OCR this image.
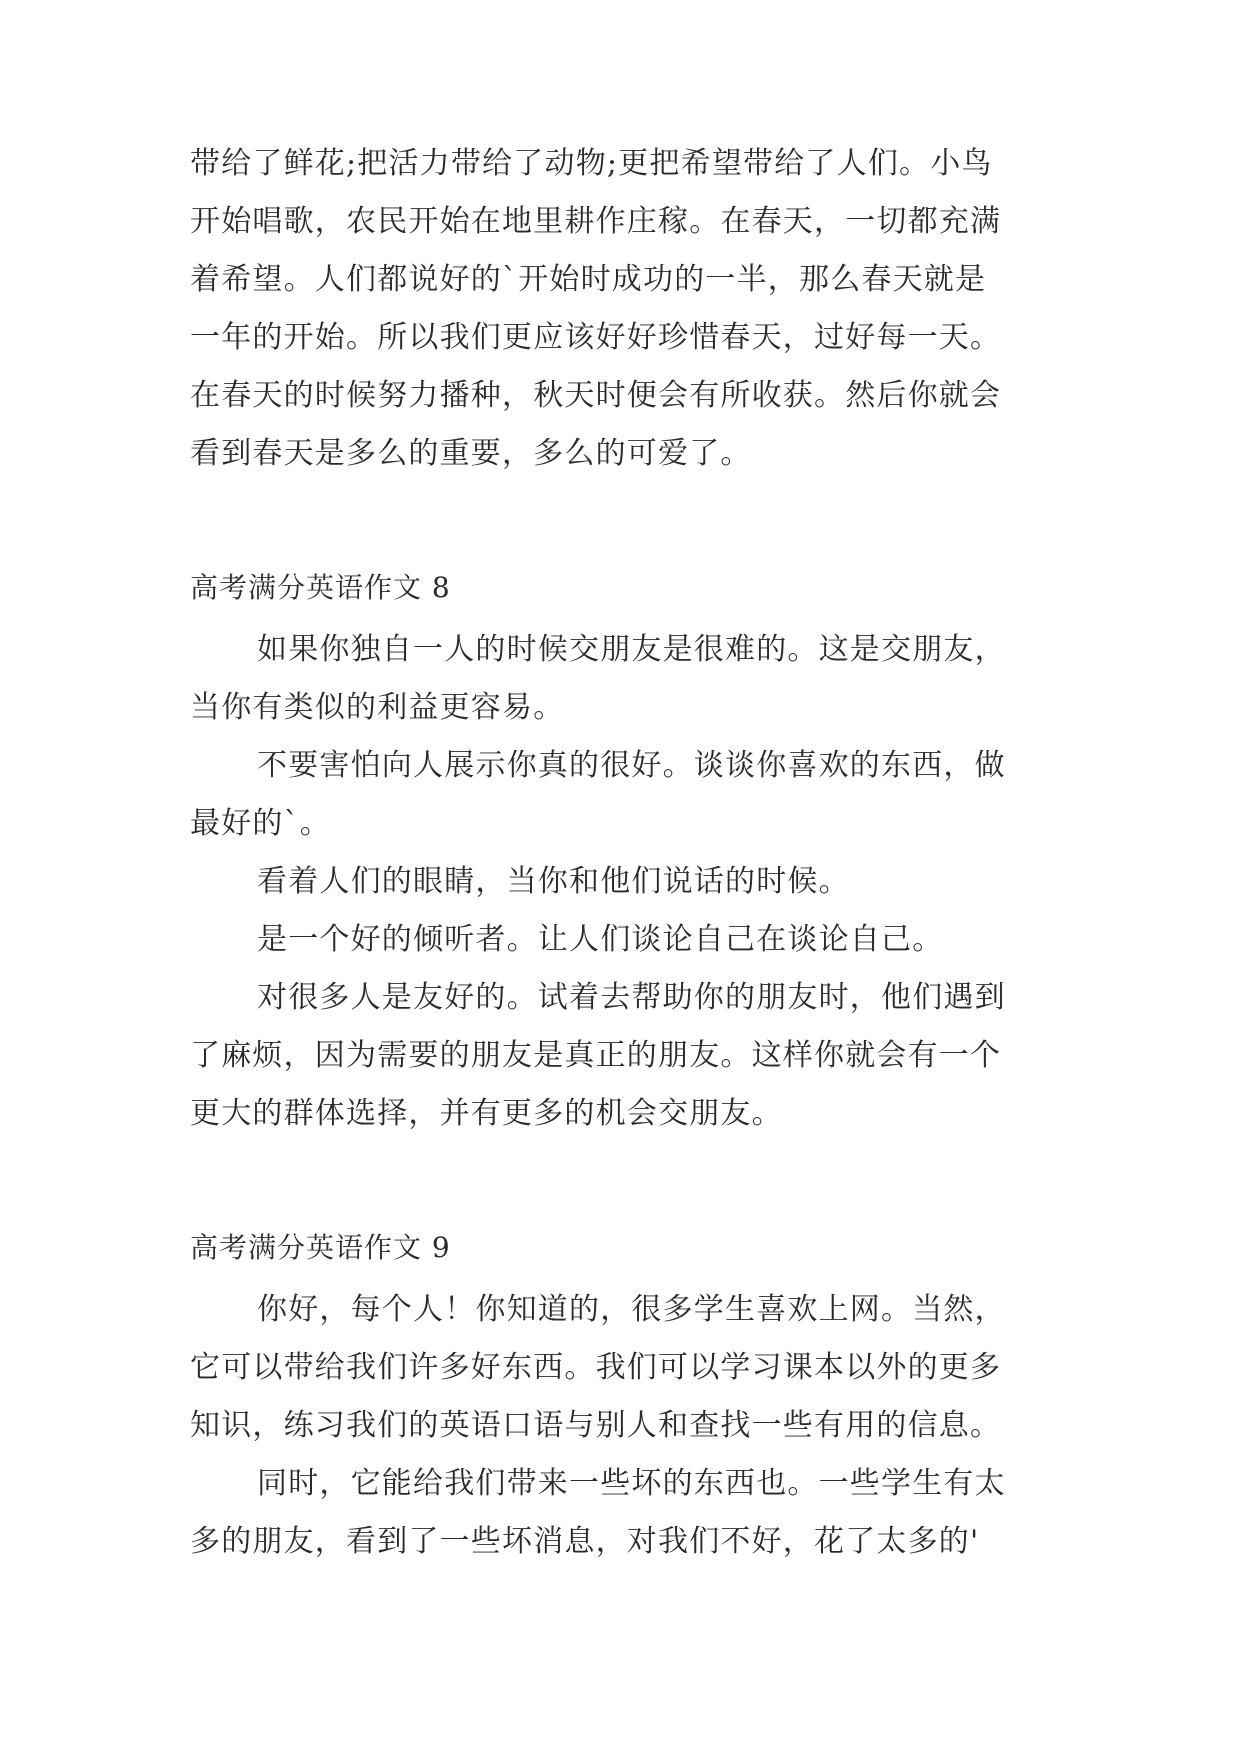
带给了鲜花;把活力带给了动物;更把希望带给了人们。小鸟
开始唱歌，农民开始在地里耕作庄稼。在春天，一切都充满
着希望。人们都说好的`开始时成功的一半，那么春天就是
一年的开始。所以我们更应该好好珍惜春天，过好每一天。
在春天的时候努力播种，秋天时便会有所收获。然后你就会
看到春天是多么的重要，多么的可爱了。
高考满分英语作文 8
如果你独自一人的时候交朋友是很难的。这是交朋友，
当你有类似的利益更容易。
不要害怕向人展示你真的很好。谈谈你喜欢的东西，做
最好的`。
看着人们的眼睛，当你和他们说话的时候。
是一个好的倾听者。让人们谈论自己在谈论自己。
对很多人是友好的。试着去帮助你的朋友时，他们遇到
了麻烦，因为需要的朋友是真正的朋友。这样你就会有一个
更大的群体选择，并有更多的机会交朋友。
高考满分英语作文 9
你好，每个人！你知道的，很多学生喜欢上网。当然，
它可以带给我们许多好东西。我们可以学习课本以外的更多
知识，练习我们的英语口语与别人和查找一些有用的信息。
同时，它能给我们带来一些坏的东西也。一些学生有太
多的朋友，看到了一些坏消息，对我们不好，花了太多的'
